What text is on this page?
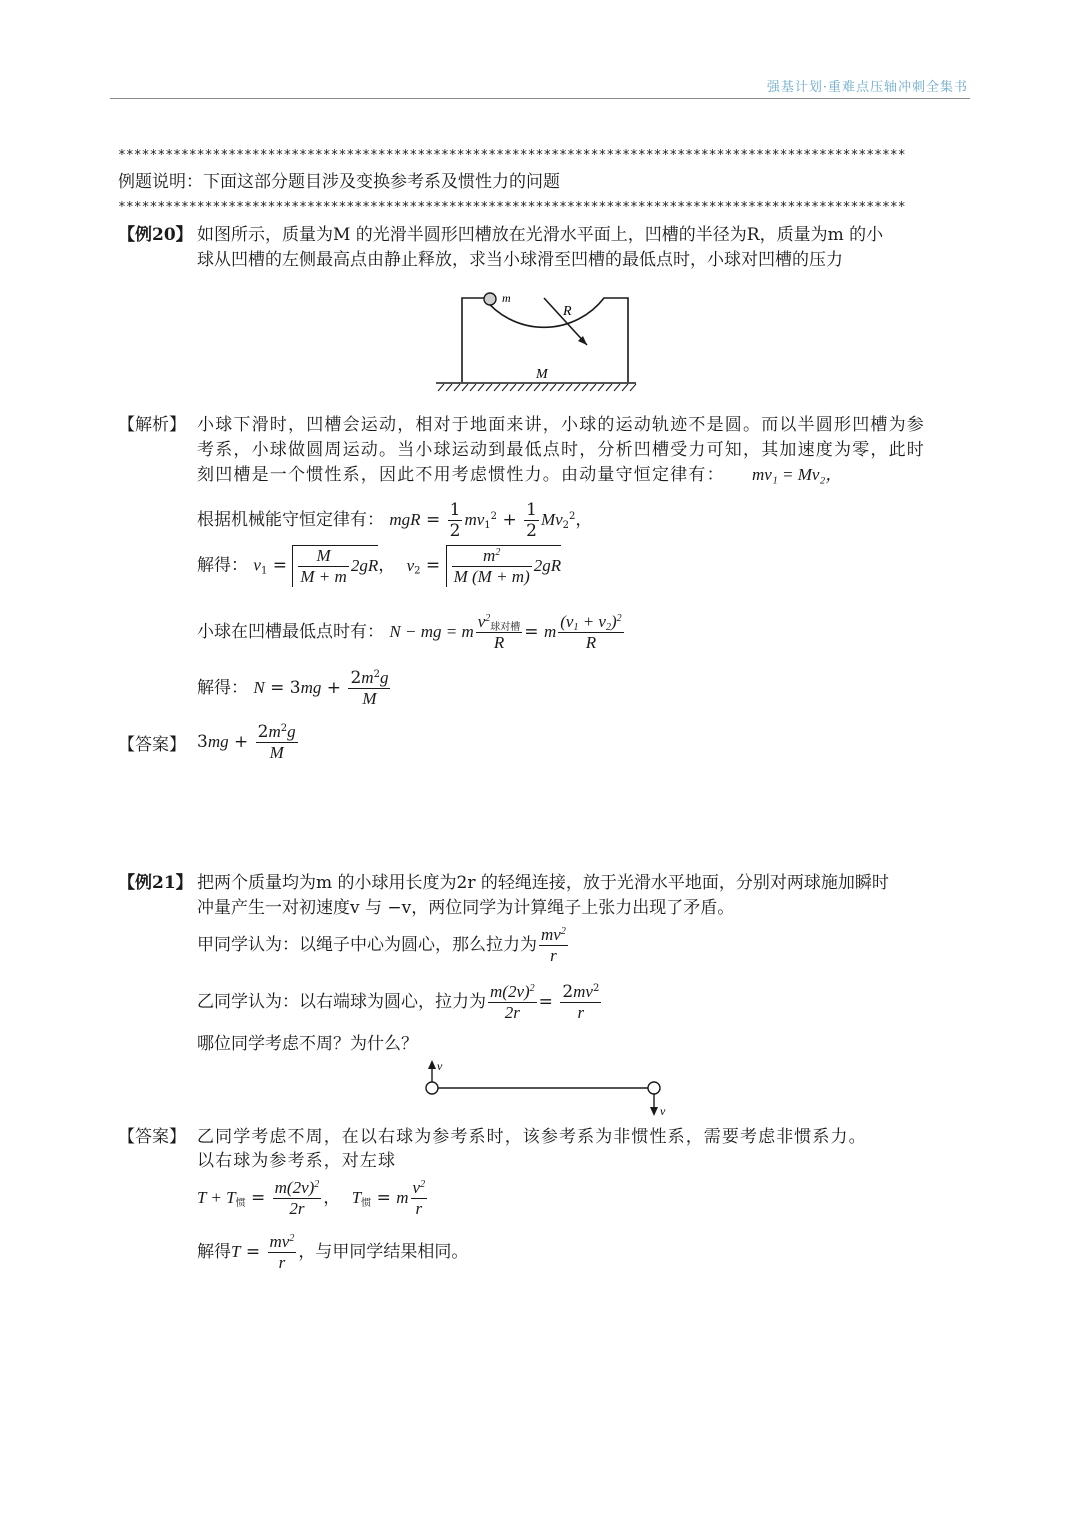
强基计划·重难点压轴冲刺全集书
****************************************************************************************************
例题说明：下面这部分题目涉及变换参考系及惯性力的问题
****************************************************************************************************
【例20】 如图所示，质量为M 的光滑半圆形凹槽放在光滑水平面上，凹槽的半径为R，质量为m 的小
球从凹槽的左侧最高点由静止释放，求当小球滑至凹槽的最低点时，小球对凹槽的压力
m
R
M
【解析】 小球下滑时，凹槽会运动，相对于地面来讲，小球的运动轨迹不是圆。而以半圆形凹槽为参
考系，小球做圆周运动。当小球运动到最低点时，分析凹槽受力可知，其加速度为零，此时
刻凹槽是一个惯性系，因此不用考虑惯性力。由动量守恒定律有： mv₁ = Mv₂，
根据机械能守恒定律有： mgR = $\frac{1}{2} mv_1^2 + \frac{1}{2} Mv_2^2$，
解得： $v_1 = \frac{M}{M + m} 2gR$， $v_2 = \frac{m^2}{M (M + m)} 2gR$
小球在凹槽最低点时有： N − mg = m $\frac{v^2_{球对槽}}{R} = m \frac{(v_1 + v_2)^2}{R}$
解得： $N = 3mg + \frac{2m^2g}{M}$
【答案】 $3mg + \frac{2m^2g}{M}$
【例21】 把两个质量均为m 的小球用长度为2r 的轻绳连接，放于光滑水平地面，分别对两球施加瞬时
冲量产生一对初速度v 与 −v，两位同学为计算绳子上张力出现了矛盾。
甲同学认为：以绳子中心为圆心，那么拉力为 $\frac{mv^2}{r}$
乙同学认为：以右端球为圆心，拉力为 $\frac{m(2v)^2}{2r} = \frac{2mv^2}{r}$
哪位同学考虑不周？为什么？
v
v
【答案】 乙同学考虑不周，在以右球为参考系时，该参考系为非惯性系，需要考虑非惯系力。
以右球为参考系，对左球
$T + T_惯 = \frac{m(2v)^2}{2r}$ ， $T_惯 = m \frac{v^2}{r}$
解得$T = \frac{mv^2}{r}$ ，与甲同学结果相同。
